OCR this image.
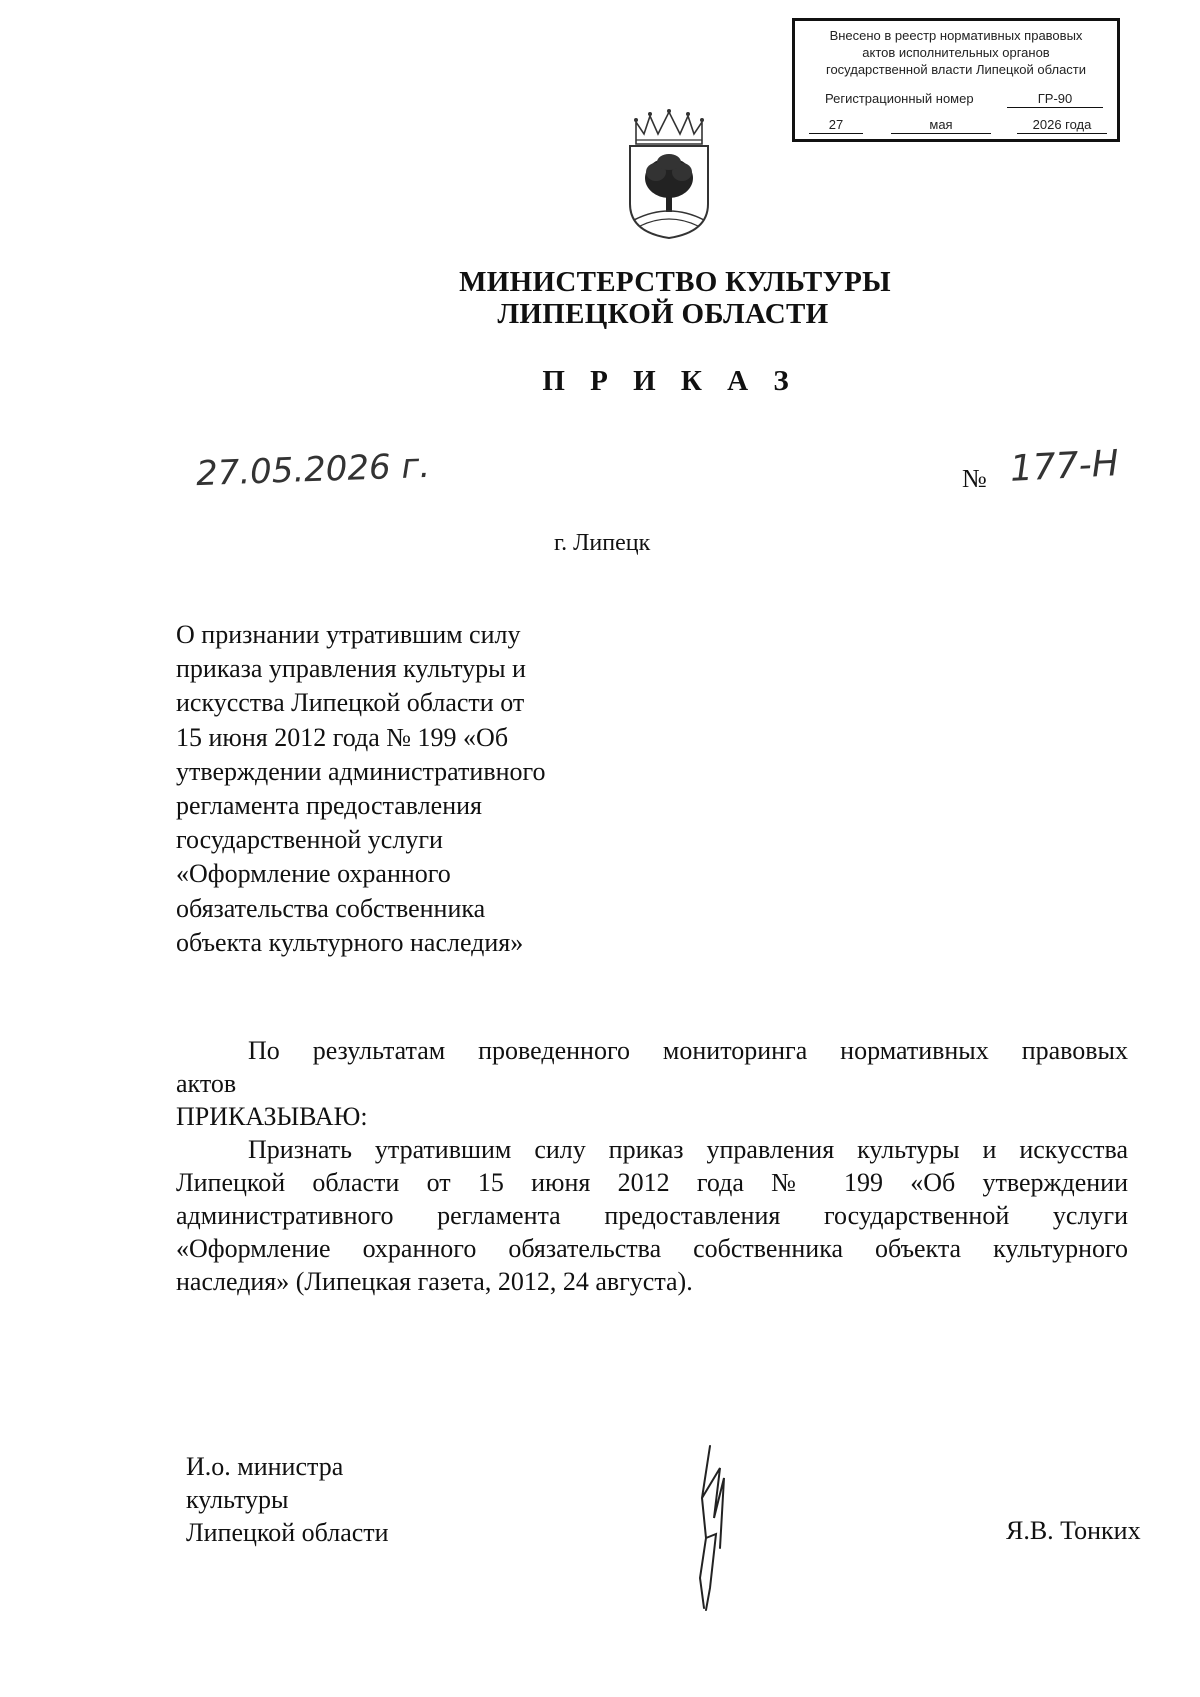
Внесено в реестр нормативных правовых
актов исполнительных органов
государственной власти Липецкой области
Регистрационный номер	ГР-90
27	мая	2026 года
МИНИСТЕРСТВО КУЛЬТУРЫ
ЛИПЕЦКОЙ ОБЛАСТИ
П Р И К А З
27.05.2026 г.	№ 177-Н
г. Липецк
О признании утратившим силу
приказа управления культуры и
искусства Липецкой области от
15 июня 2012 года № 199 «Об
утверждении административного
регламента предоставления
государственной услуги
«Оформление охранного
обязательства собственника
объекта культурного наследия»
По результатам проведенного мониторинга нормативных правовых
актов
ПРИКАЗЫВАЮ:
Признать утратившим силу приказ управления культуры и искусства
Липецкой области от 15 июня 2012 года № 199 «Об утверждении
административного регламента предоставления государственной услуги
«Оформление охранного обязательства собственника объекта культурного
наследия» (Липецкая газета, 2012, 24 августа).
И.о. министра
культуры
Липецкой области	Я.В. Тонких
